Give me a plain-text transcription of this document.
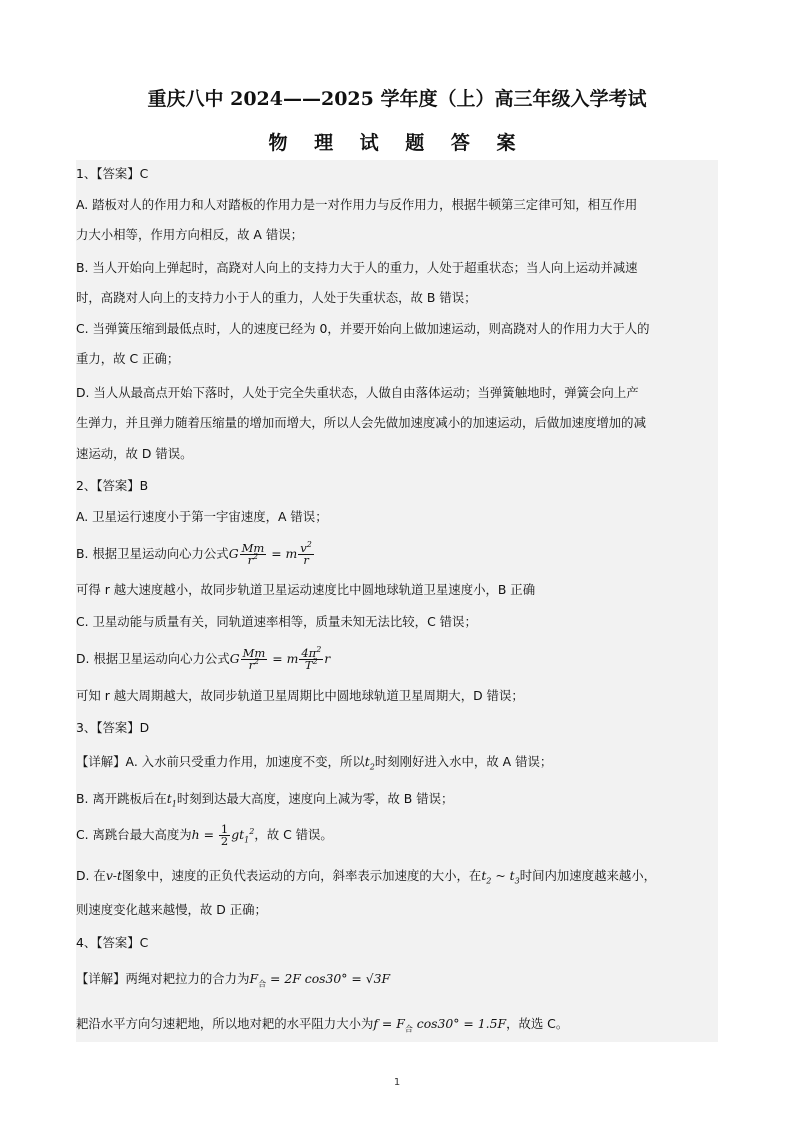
重庆八中 2024——2025 学年度（上）高三年级入学考试
物 理 试 题 答 案
1、【答案】C
A. 踏板对人的作用力和人对踏板的作用力是一对作用力与反作用力，根据牛顿第三定律可知，相互作用
力大小相等，作用方向相反，故 A 错误；
B. 当人开始向上弹起时，高跷对人向上的支持力大于人的重力，人处于超重状态；当人向上运动并减速
时，高跷对人向上的支持力小于人的重力，人处于失重状态，故 B 错误；
C. 当弹簧压缩到最低点时，人的速度已经为 0，并要开始向上做加速运动，则高跷对人的作用力大于人的
重力，故 C 正确；
D. 当人从最高点开始下落时，人处于完全失重状态，人做自由落体运动；当弹簧触地时，弹簧会向上产
生弹力，并且弹力随着压缩量的增加而增大，所以人会先做加速度减小的加速运动，后做加速度增加的减
速运动，故 D 错误。
2、【答案】B
A. 卫星运行速度小于第一宇宙速度，A 错误；
B. 根据卫星运动向心力公式G $\frac{Mm}{r^2} = m \frac{v^2}{r}$
可得 r 越大速度越小，故同步轨道卫星运动速度比中圆地球轨道卫星速度小，B 正确
C. 卫星动能与质量有关，同轨道速率相等，质量未知无法比较，C 错误；
D. 根据卫星运动向心力公式G $\frac{Mm}{r^2} = m \frac{4\pi^2}{T^2}$ r
可知 r 越大周期越大，故同步轨道卫星周期比中圆地球轨道卫星周期大，D 错误；
3、【答案】D
【详解】A. 入水前只受重力作用，加速度不变，所以$t_2$时刻刚好进入水中，故 A 错误；
B. 离开跳板后在$t_1$时刻到达最大高度，速度向上减为零，故 B 错误；
C. 离跳台最大高度为$h = \frac{1}{2} gt_1^2$，故 C 错误。
D. 在v-t图象中，速度的正负代表运动的方向，斜率表示加速度的大小，在$t_2$ ~ $t_3$时间内加速度越来越小，
则速度变化越来越慢，故 D 正确；
4、【答案】C
【详解】两绳对耙拉力的合力为$F_合 = 2F$ cos30° = √3F
耙沿水平方向匀速耙地，所以地对耙的水平阻力大小为$f = F_合$ cos30° = 1.5F，故选 C。
1
